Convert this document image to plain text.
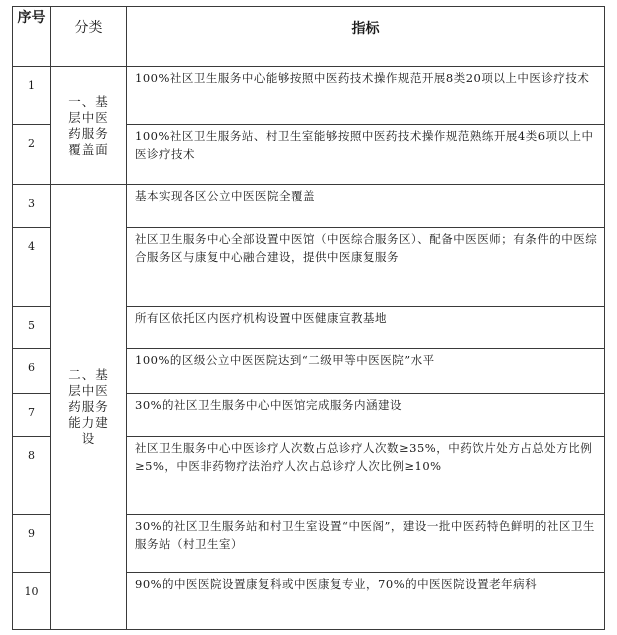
序号	分类	指标
1	一、基层中医药服务覆盖面	100%社区卫生服务中心能够按照中医药技术操作规范开展8类20项以上中医诊疗技术
2		100%社区卫生服务站、村卫生室能够按照中医药技术操作规范熟练开展4类6项以上中医诊疗技术
3	二、基层中医药服务能力建设	基本实现各区公立中医医院全覆盖
4		社区卫生服务中心全部设置中医馆（中医综合服务区）、配备中医医师；有条件的中医综合服务区与康复中心融合建设，提供中医康复服务
5		所有区依托区内医疗机构设置中医健康宣教基地
6		100%的区级公立中医医院达到“二级甲等中医医院”水平
7		30%的社区卫生服务中心中医馆完成服务内涵建设
8		社区卫生服务中心中医诊疗人次数占总诊疗人次数≥35%，中药饮片处方占总处方比例≥5%，中医非药物疗法治疗人次占总诊疗人次比例≥10%
9		30%的社区卫生服务站和村卫生室设置“中医阁”，建设一批中医药特色鲜明的社区卫生服务站（村卫生室）
10		90%的中医医院设置康复科或中医康复专业，70%的中医医院设置老年病科
